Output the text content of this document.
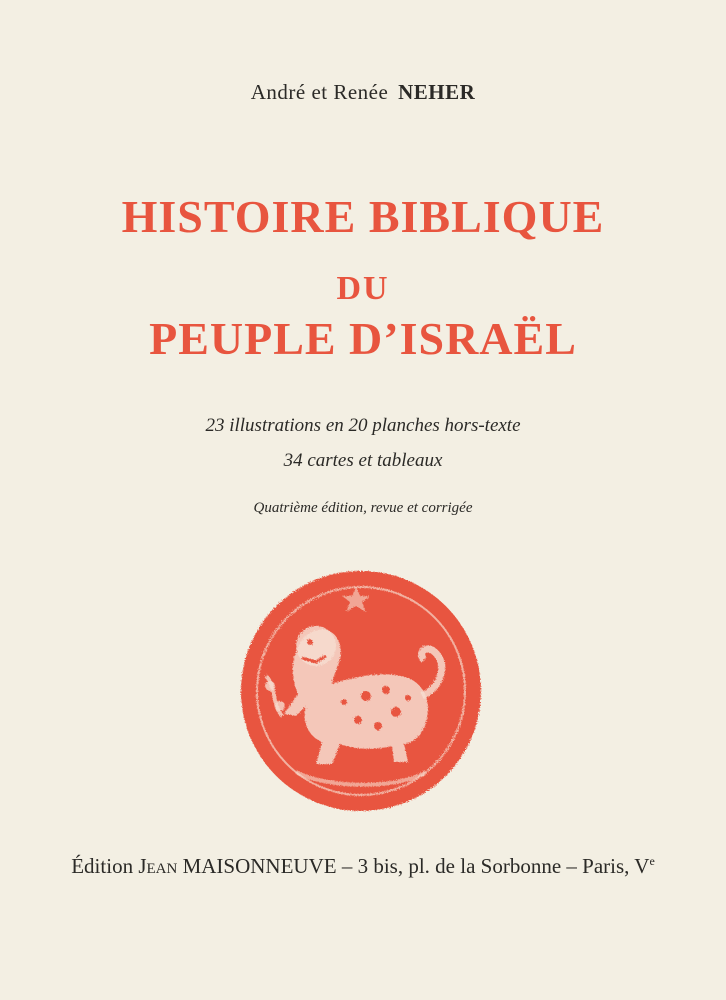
André et Renée NEHER
HISTOIRE BIBLIQUE
DU
PEUPLE D’ISRAËL
23 illustrations en 20 planches hors-texte
34 cartes et tableaux
Quatrième édition, revue et corrigée
Édition Jean MAISONNEUVE – 3 bis, pl. de la Sorbonne – Paris, Ve
